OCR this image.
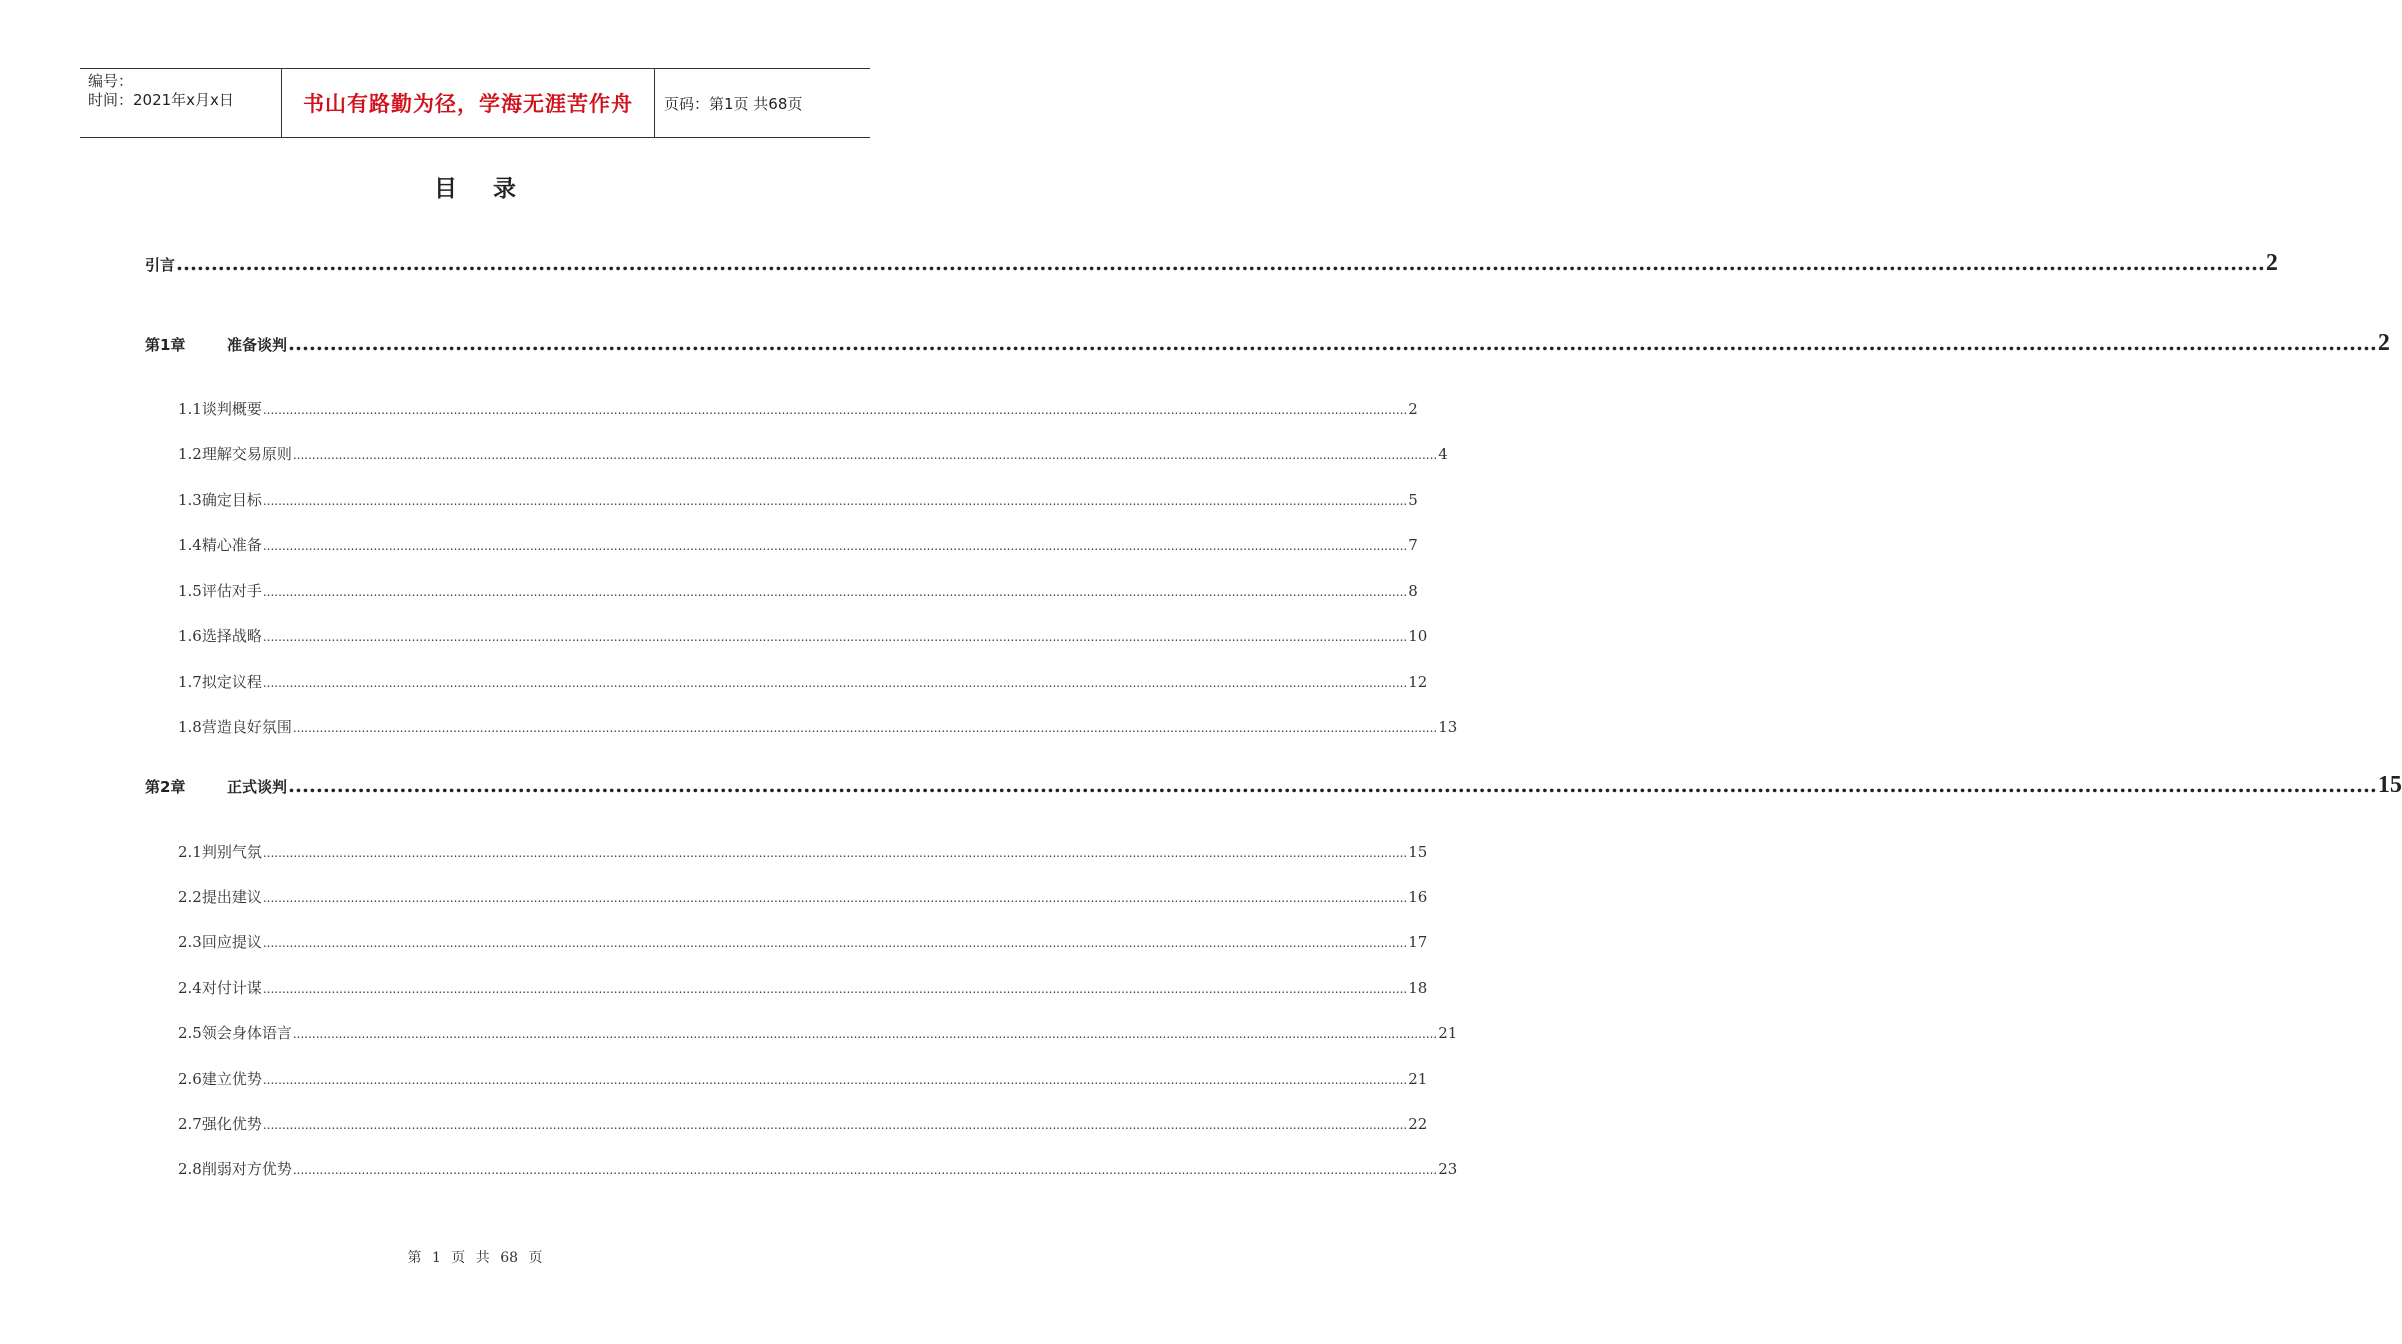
编号：
时间：2021年x月x日	书山有路勤为径，学海无涯苦作舟	页码：第1页 共68页
目录
引言 ............................................................................................................................................................................................................................................................................................................ 2
第1章	准备谈判 ............................................................................................................................................................................................................................................................................................................ 2
1.1谈判概要 ............................................................................................................................................................................................................................................................................................................ 2
1.2理解交易原则 ............................................................................................................................................................................................................................................................................................................ 4
1.3确定目标 ............................................................................................................................................................................................................................................................................................................ 5
1.4精心准备 ............................................................................................................................................................................................................................................................................................................ 7
1.5评估对手 ............................................................................................................................................................................................................................................................................................................ 8
1.6选择战略 ............................................................................................................................................................................................................................................................................................................ 10
1.7拟定议程 ............................................................................................................................................................................................................................................................................................................ 12
1.8营造良好氛围 ............................................................................................................................................................................................................................................................................................................ 13
第2章	正式谈判 ............................................................................................................................................................................................................................................................................................................ 15
2.1判别气氛 ............................................................................................................................................................................................................................................................................................................ 15
2.2提出建议 ............................................................................................................................................................................................................................................................................................................ 16
2.3回应提议 ............................................................................................................................................................................................................................................................................................................ 17
2.4对付计谋 ............................................................................................................................................................................................................................................................................................................ 18
2.5领会身体语言 ............................................................................................................................................................................................................................................................................................................ 21
2.6建立优势 ............................................................................................................................................................................................................................................................................................................ 21
2.7强化优势 ............................................................................................................................................................................................................................................................................................................ 22
2.8削弱对方优势 ............................................................................................................................................................................................................................................................................................................ 23
第 1 页 共 68 页
